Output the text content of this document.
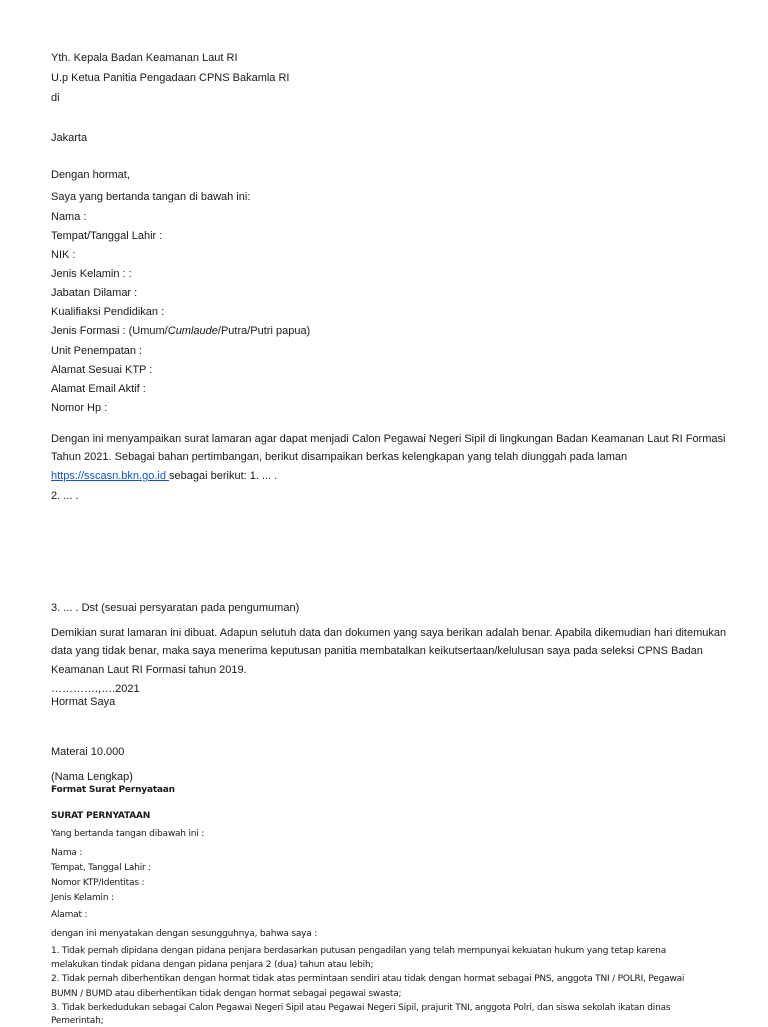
Yth. Kepala Badan Keamanan Laut RI
U.p Ketua Panitia Pengadaan CPNS Bakamla RI
di
Jakarta
Dengan hormat,
Saya yang bertanda tangan di bawah ini:
Nama :
Tempat/Tanggal Lahir :
NIK :
Jenis Kelamin : :
Jabatan Dilamar :
Kualifiaksi Pendidikan :
Jenis Formasi : (Umum/Cumlaude/Putra/Putri papua)
Unit Penempatan :
Alamat Sesuai KTP :
Alamat Email Aktif :
Nomor Hp :
Dengan ini menyampaikan surat lamaran agar dapat menjadi Calon Pegawai Negeri Sipil di lingkungan Badan Keamanan Laut RI Formasi
Tahun 2021. Sebagai bahan pertimbangan, berikut disampaikan berkas kelengkapan yang telah diunggah pada laman
https://sscasn.bkn.go.id sebagai berikut: 1. ... .
2. ... .
3. ... . Dst (sesuai persyaratan pada pengumuman)
Demikian surat lamaran ini dibuat. Adapun selutuh data dan dokumen yang saya berikan adalah benar. Apabila dikemudian hari ditemukan
data yang tidak benar, maka saya menerima keputusan panitia membatalkan keikutsertaan/kelulusan saya pada seleksi CPNS Badan
Keamanan Laut RI Formasi tahun 2019.
………….,….2021
Hormat Saya
Materai 10.000
(Nama Lengkap)
Format Surat Pernyataan
SURAT PERNYATAAN
Yang bertanda tangan dibawah ini :
Nama :
Tempat, Tanggal Lahir :
Nomor KTP/Identitas :
Jenis Kelamin :
Alamat :
dengan ini menyatakan dengan sesungguhnya, bahwa saya :
1. Tidak pernah dipidana dengan pidana penjara berdasarkan putusan pengadilan yang telah mempunyai kekuatan hukum yang tetap karena
melakukan tindak pidana dengan pidana penjara 2 (dua) tahun atau lebih;
2. Tidak pernah diberhentikan dengan hormat tidak atas permintaan sendiri atau tidak dengan hormat sebagai PNS, anggota TNI / POLRI, Pegawai
BUMN / BUMD atau diberhentikan tidak dengan hormat sebagai pegawai swasta;
3. Tidak berkedudukan sebagai Calon Pegawai Negeri Sipil atau Pegawai Negeri Sipil, prajurit TNI, anggota Polri, dan siswa sekolah ikatan dinas
Pemerintah;
